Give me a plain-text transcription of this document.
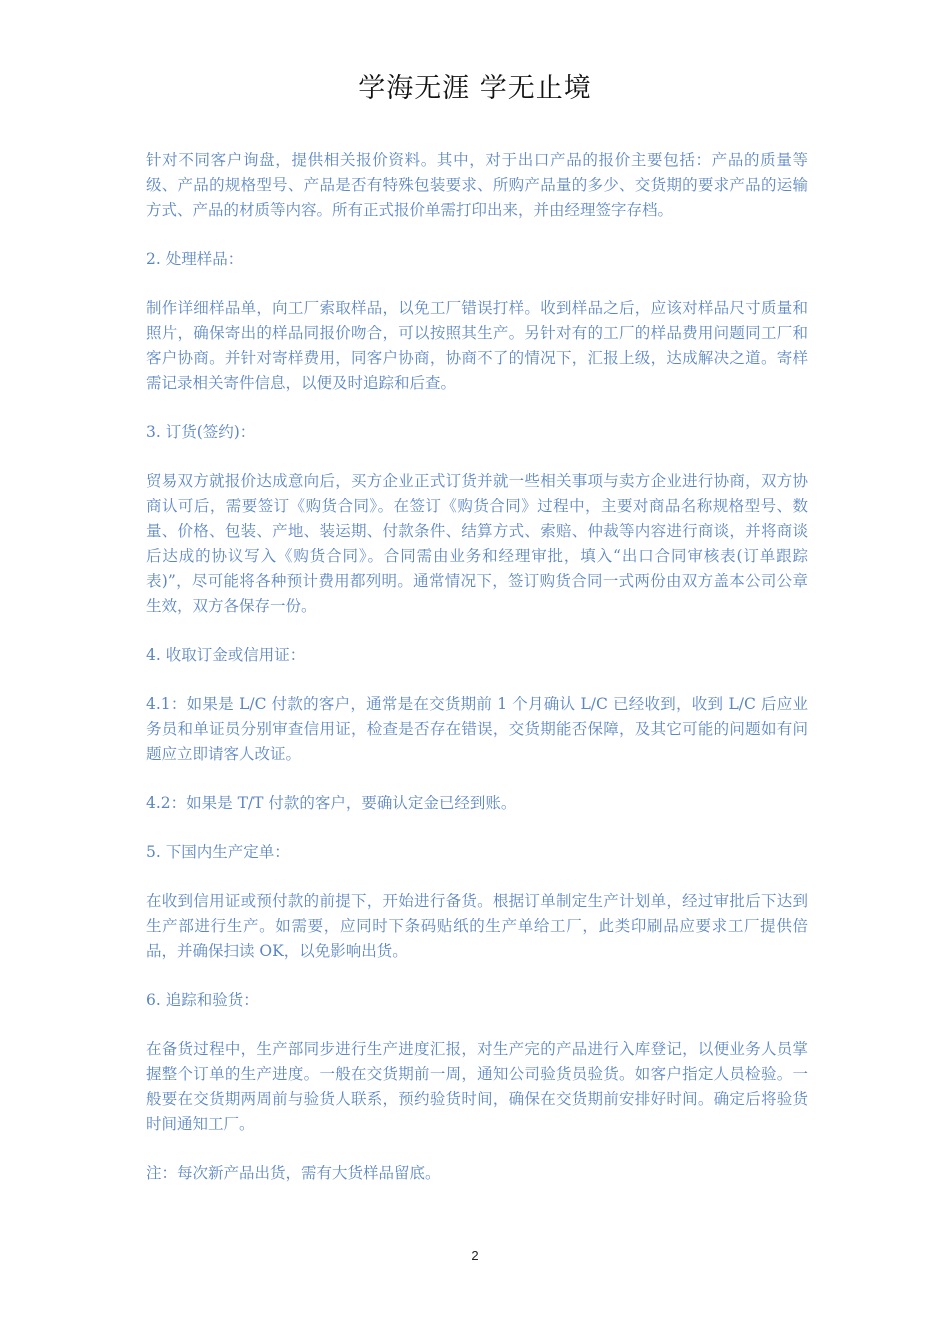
学海无涯 学无止境

针对不同客户询盘，提供相关报价资料。其中，对于出口产品的报价主要包括：产品的质量等级、产品的规格型号、产品是否有特殊包装要求、所购产品量的多少、交货期的要求产品的运输方式、产品的材质等内容。所有正式报价单需打印出来，并由经理签字存档。

2. 处理样品：

制作详细样品单，向工厂索取样品，以免工厂错误打样。收到样品之后，应该对样品尺寸质量和照片，确保寄出的样品同报价吻合，可以按照其生产。另针对有的工厂的样品费用问题同工厂和客户协商。并针对寄样费用，同客户协商，协商不了的情况下，汇报上级，达成解决之道。寄样需记录相关寄件信息，以便及时追踪和后查。

3. 订货(签约)：

贸易双方就报价达成意向后，买方企业正式订货并就一些相关事项与卖方企业进行协商，双方协商认可后，需要签订《购货合同》。在签订《购货合同》过程中，主要对商品名称规格型号、数量、价格、包装、产地、装运期、付款条件、结算方式、索赔、仲裁等内容进行商谈，并将商谈后达成的协议写入《购货合同》。合同需由业务和经理审批，填入“出口合同审核表(订单跟踪表)”，尽可能将各种预计费用都列明。通常情况下，签订购货合同一式两份由双方盖本公司公章生效，双方各保存一份。

4. 收取订金或信用证：

4.1：如果是 L/C 付款的客户，通常是在交货期前 1 个月确认 L/C 已经收到，收到 L/C 后应业务员和单证员分别审查信用证，检查是否存在错误，交货期能否保障，及其它可能的问题如有问题应立即请客人改证。

4.2：如果是 T/T 付款的客户，要确认定金已经到账。

5. 下国内生产定单：

在收到信用证或预付款的前提下，开始进行备货。根据订单制定生产计划单，经过审批后下达到生产部进行生产。如需要，应同时下条码贴纸的生产单给工厂，此类印刷品应要求工厂提供倍品，并确保扫读 OK，以免影响出货。

6. 追踪和验货：

在备货过程中，生产部同步进行生产进度汇报，对生产完的产品进行入库登记，以便业务人员掌握整个订单的生产进度。一般在交货期前一周，通知公司验货员验货。如客户指定人员检验。一般要在交货期两周前与验货人联系，预约验货时间，确保在交货期前安排好时间。确定后将验货时间通知工厂。

注：每次新产品出货，需有大货样品留底。

2
